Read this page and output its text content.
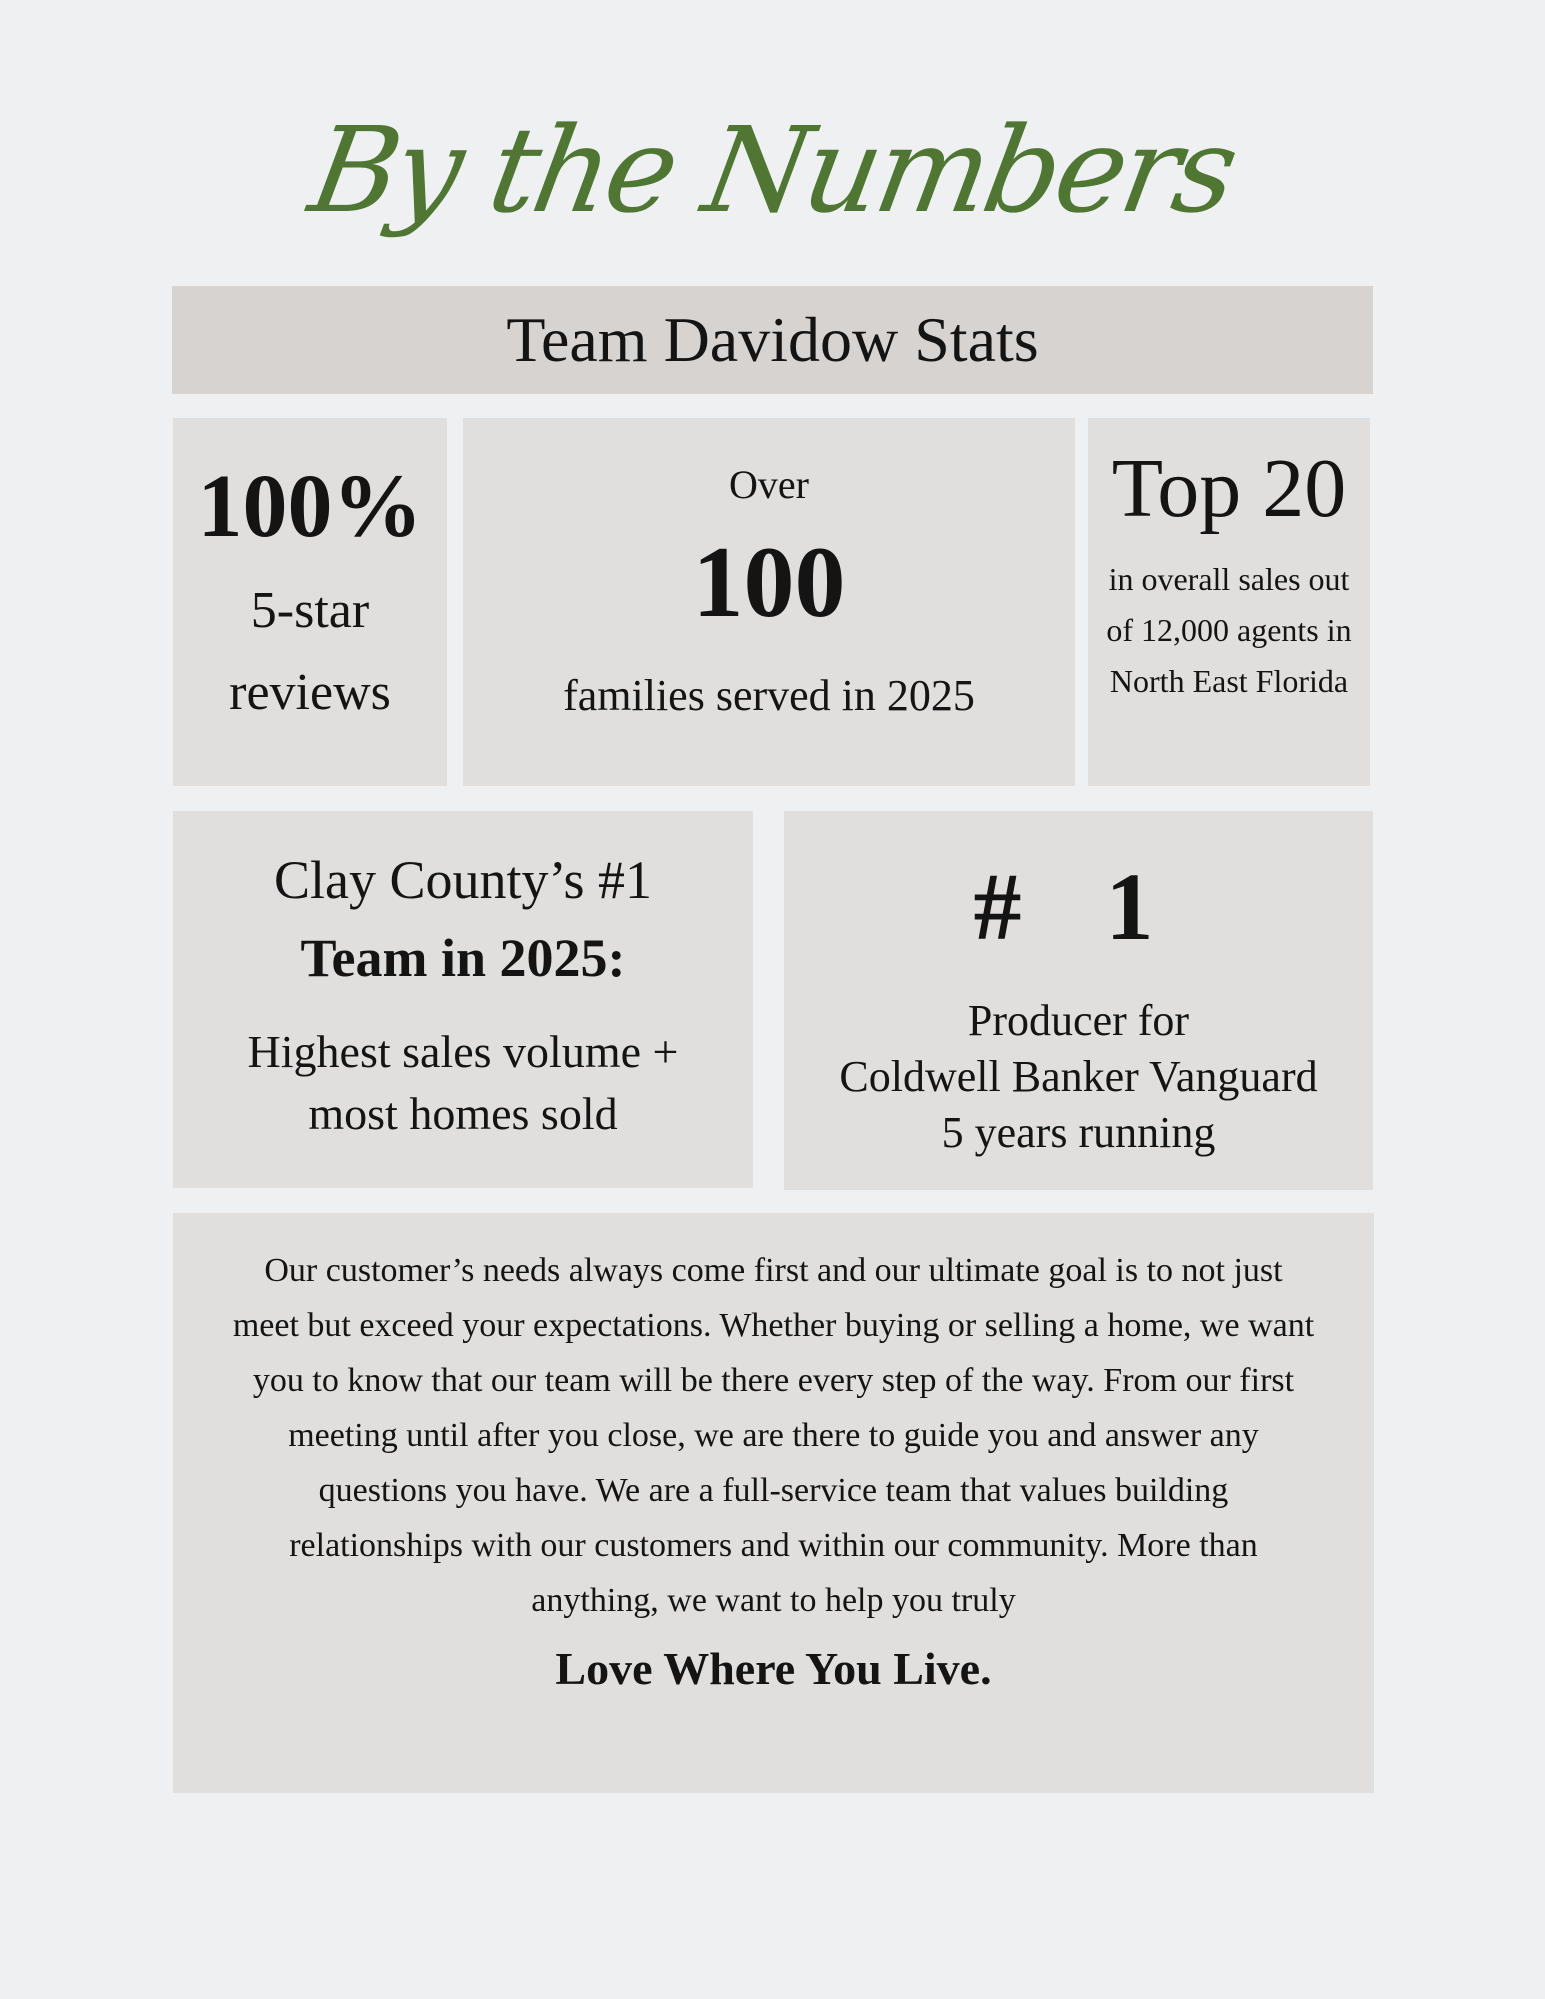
By the Numbers
Team Davidow Stats
100%
5-star reviews
Over
100
families served in 2025
Top 20
in overall sales out of 12,000 agents in North East Florida
Clay County’s #1
Team in 2025:
Highest sales volume + most homes sold
# 1
Producer for
Coldwell Banker Vanguard
5 years running
Our customer’s needs always come first and our ultimate goal is to not just meet but exceed your expectations. Whether buying or selling a home, we want you to know that our team will be there every step of the way. From our first meeting until after you close, we are there to guide you and answer any questions you have. We are a full-service team that values building relationships with our customers and within our community. More than anything, we want to help you truly
Love Where You Live.
